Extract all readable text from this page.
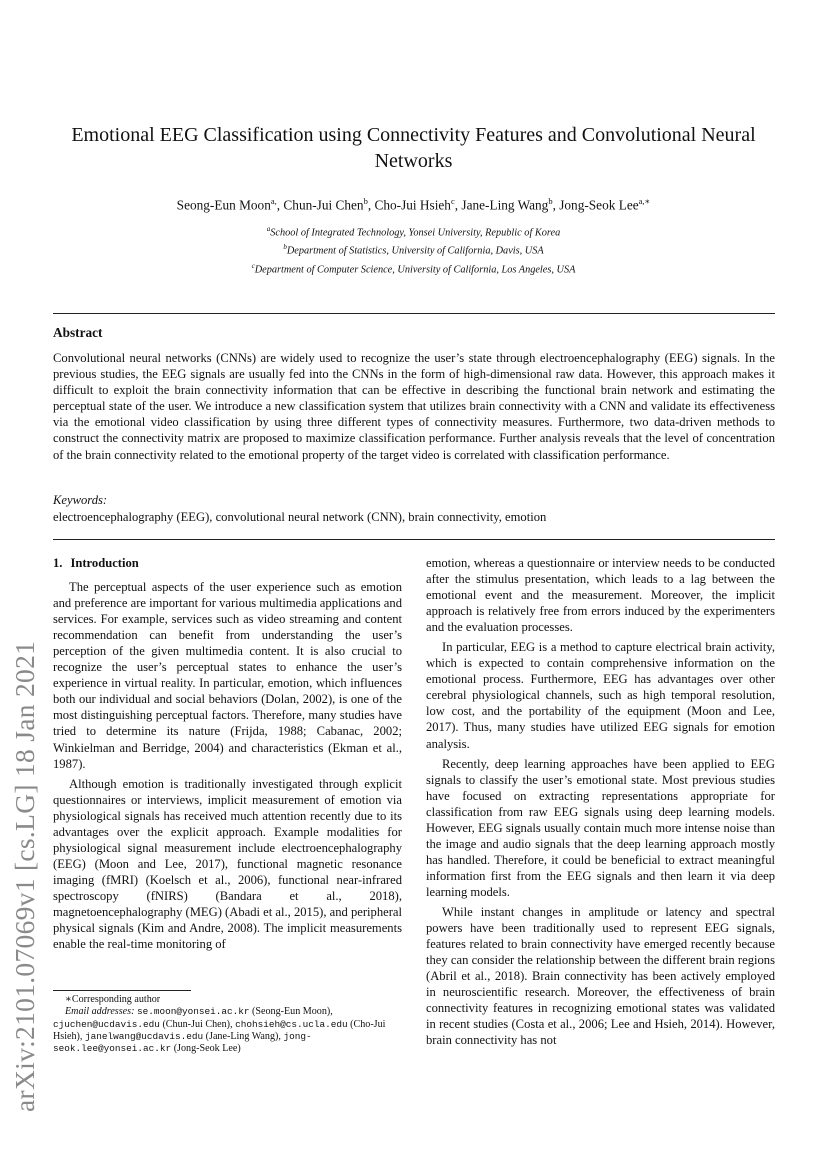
arXiv:2101.07069v1 [cs.LG] 18 Jan 2021
Emotional EEG Classification using Connectivity Features and Convolutional Neural Networks
Seong-Eun Moon$^{a,}$, Chun-Jui Chen$^b$, Cho-Jui Hsieh$^c$, Jane-Ling Wang$^b$, Jong-Seok Lee$^{a,∗}$
$^a$School of Integrated Technology, Yonsei University, Republic of Korea
$^b$Department of Statistics, University of California, Davis, USA
$^c$Department of Computer Science, University of California, Los Angeles, USA
Abstract

Convolutional neural networks (CNNs) are widely used to recognize the user’s state through electroencephalography (EEG) signals. In the previous studies, the EEG signals are usually fed into the CNNs in the form of high-dimensional raw data. However, this approach makes it difficult to exploit the brain connectivity information that can be effective in describing the functional brain network and estimating the perceptual state of the user. We introduce a new classification system that utilizes brain connectivity with a CNN and validate its effectiveness via the emotional video classification by using three different types of connectivity measures. Furthermore, two data-driven methods to construct the connectivity matrix are proposed to maximize classification performance. Further analysis reveals that the level of concentration of the brain connectivity related to the emotional property of the target video is correlated with classification performance.

Keywords:
electroencephalography (EEG), convolutional neural network (CNN), brain connectivity, emotion
1. Introduction

The perceptual aspects of the user experience such as emotion and preference are important for various multimedia applications and services. For example, services such as video streaming and content recommendation can benefit from understanding the user’s perception of the given multimedia content. It is also crucial to recognize the user’s perceptual states to enhance the user’s experience in virtual reality. In particular, emotion, which influences both our individual and social behaviors (Dolan, 2002), is one of the most distinguishing perceptual factors. Therefore, many studies have tried to determine its nature (Frijda, 1988; Cabanac, 2002; Winkielman and Berridge, 2004) and characteristics (Ekman et al., 1987).

Although emotion is traditionally investigated through explicit questionnaires or interviews, implicit measurement of emotion via physiological signals has received much attention recently due to its advantages over the explicit approach. Example modalities for physiological signal measurement include electroencephalography (EEG) (Moon and Lee, 2017), functional magnetic resonance imaging (fMRI) (Koelsch et al., 2006), functional near-infrared spectroscopy (fNIRS) (Bandara et al., 2018), magnetoencephalography (MEG) (Abadi et al., 2015), and peripheral physical signals (Kim and Andre, 2008). The implicit measurements enable the real-time monitoring of

emotion, whereas a questionnaire or interview needs to be conducted after the stimulus presentation, which leads to a lag between the emotional event and the measurement. Moreover, the implicit approach is relatively free from errors induced by the experimenters and the evaluation processes.

In particular, EEG is a method to capture electrical brain activity, which is expected to contain comprehensive information on the emotional process. Furthermore, EEG has advantages over other cerebral physiological channels, such as high temporal resolution, low cost, and the portability of the equipment (Moon and Lee, 2017). Thus, many studies have utilized EEG signals for emotion analysis.

Recently, deep learning approaches have been applied to EEG signals to classify the user’s emotional state. Most previous studies have focused on extracting representations appropriate for classification from raw EEG signals using deep learning models. However, EEG signals usually contain much more intense noise than the image and audio signals that the deep learning approach mostly has handled. Therefore, it could be beneficial to extract meaningful information first from the EEG signals and then learn it via deep learning models.

While instant changes in amplitude or latency and spectral powers have been traditionally used to represent EEG signals, features related to brain connectivity have emerged recently because they can consider the relationship between the different brain regions (Abril et al., 2018). Brain connectivity has been actively employed in neuroscientific research. Moreover, the effectiveness of brain connectivity features in recognizing emotional states was validated in recent studies (Costa et al., 2006; Lee and Hsieh, 2014). However, brain connectivity has not

∗Corresponding author
Email addresses: se.moon@yonsei.ac.kr (Seong-Eun Moon), cjuchen@ucdavis.edu (Chun-Jui Chen), chohsieh@cs.ucla.edu (Cho-Jui Hsieh), janelwang@ucdavis.edu (Jane-Ling Wang), jong-seok.lee@yonsei.ac.kr (Jong-Seok Lee)
